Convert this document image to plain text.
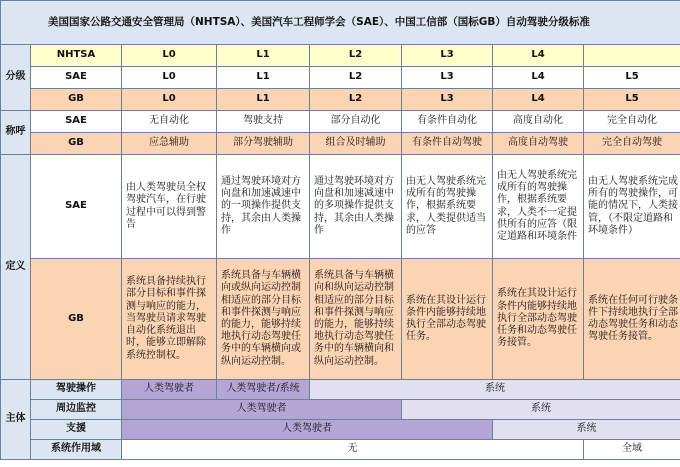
美国国家公路交通安全管理局（NHTSA）、美国汽车工程师学会（SAE）、中国工信部（国标GB）自动驾驶分级标准							
分级	NHTSA	L0	L1	L2	L3	L4	
	SAE	L0	L1	L2	L3	L4	L5
	GB	L0	L1	L2	L3	L4	L5
称呼	SAE	无自动化	驾驶支持	部分自动化	有条件自动化	高度自动化	完全自动化
	GB	应急辅助	部分驾驶辅助	组合及时辅助	有条件自动驾驶	高度自动驾驶	完全自动驾驶
定义	SAE	由人类驾驶员全权驾驶汽车，在行驶过程中可以得到警告	通过驾驶环境对方向盘和加速减速中的一项操作提供支持，其余由人类操作	通过驾驶环境对方向盘和加速减速中的多项操作提供支持，其余由人类操作	由无人驾驶系统完成所有的驾驶操作，根据系统要求，人类提供适当的应答	由无人驾驶系统完成所有的驾驶操作，根据系统要求，人类不一定提供所有的应答（限定道路和环境条件	由无人驾驶系统完成所有的驾驶操作，可能的情况下，人类接管，（不限定道路和环境条件）
	GB	系统具备持续执行部分目标和事件探测与响应的能力，当驾驶员请求驾驶自动化系统退出时，能够立即解除系统控制权。	系统具备与车辆横向或纵向运动控制相适应的部分目标和事件探测与响应的能力，能够持续地执行动态驾驶任务中的车辆横向或纵向运动控制。	系统具备与车辆横向和纵向运动控制相适应的部分目标和事件探测与响应的能力，能够持续地执行动态驾驶任务中的车辆横向和纵向运动控制。	系统在其设计运行条件内能够持续地执行全部动态驾驶任务。	系统在其设计运行条件内能够持续地执行全部动态驾驶任务和动态驾驶任务接管。	系统在任何可行驶条件下持续地执行全部动态驾驶任务和动态驾驶任务接管。
主体	驾驶操作	人类驾驶者	人类驾驶者/系统	系统			
	周边监控	人类驾驶者			系统		
	支援	人类驾驶者				系统	
	系统作用域	无					全域
